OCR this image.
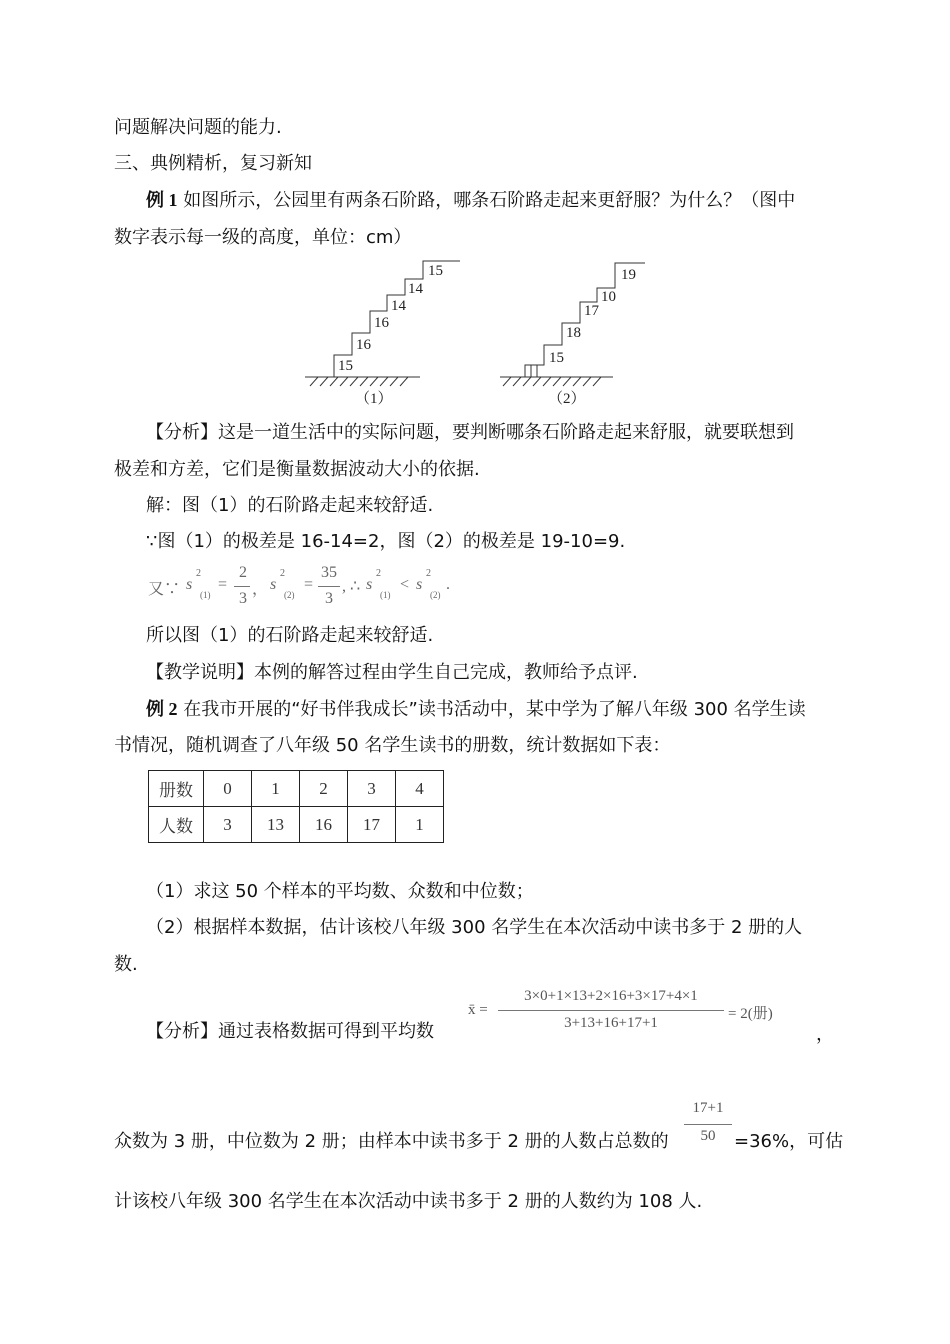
问题解决问题的能力.
三、典例精析，复习新知
例 1 如图所示，公园里有两条石阶路，哪条石阶路走起来更舒服？为什么？（图中
数字表示每一级的高度，单位：cm）
15
16
16
14
14
15
（1）
15
18
17
10
19
（2）
【分析】这是一道生活中的实际问题，要判断哪条石阶路走起来舒服，就要联想到
极差和方差，它们是衡量数据波动大小的依据.
解：图（1）的石阶路走起来较舒适.
∵图（1）的极差是 16-14=2，图（2）的极差是 19-10=9.
又∵ s
2
(1)
=
2
3
， s
2
(2)
=
35
3
, ∴ s
2
(1)
< s
2
(2)
.
所以图（1）的石阶路走起来较舒适.
【教学说明】本例的解答过程由学生自己完成，教师给予点评.
例 2 在我市开展的“好书伴我成长”读书活动中，某中学为了解八年级 300 名学生读
书情况，随机调查了八年级 50 名学生读书的册数，统计数据如下表：
册数	0	1	2	3	4
人数	3	13	16	17	1
（1）求这 50 个样本的平均数、众数和中位数；
（2）根据样本数据，估计该校八年级 300 名学生在本次活动中读书多于 2 册的人
数.
【分析】通过表格数据可得到平均数
x̄ =
3×0+1×13+2×16+3×17+4×1
3+13+16+17+1
= 2(册)
，
众数为 3 册，中位数为 2 册；由样本中读书多于 2 册的人数占总数的
17+1
50	=36%，可估
计该校八年级 300 名学生在本次活动中读书多于 2 册的人数约为 108 人.
